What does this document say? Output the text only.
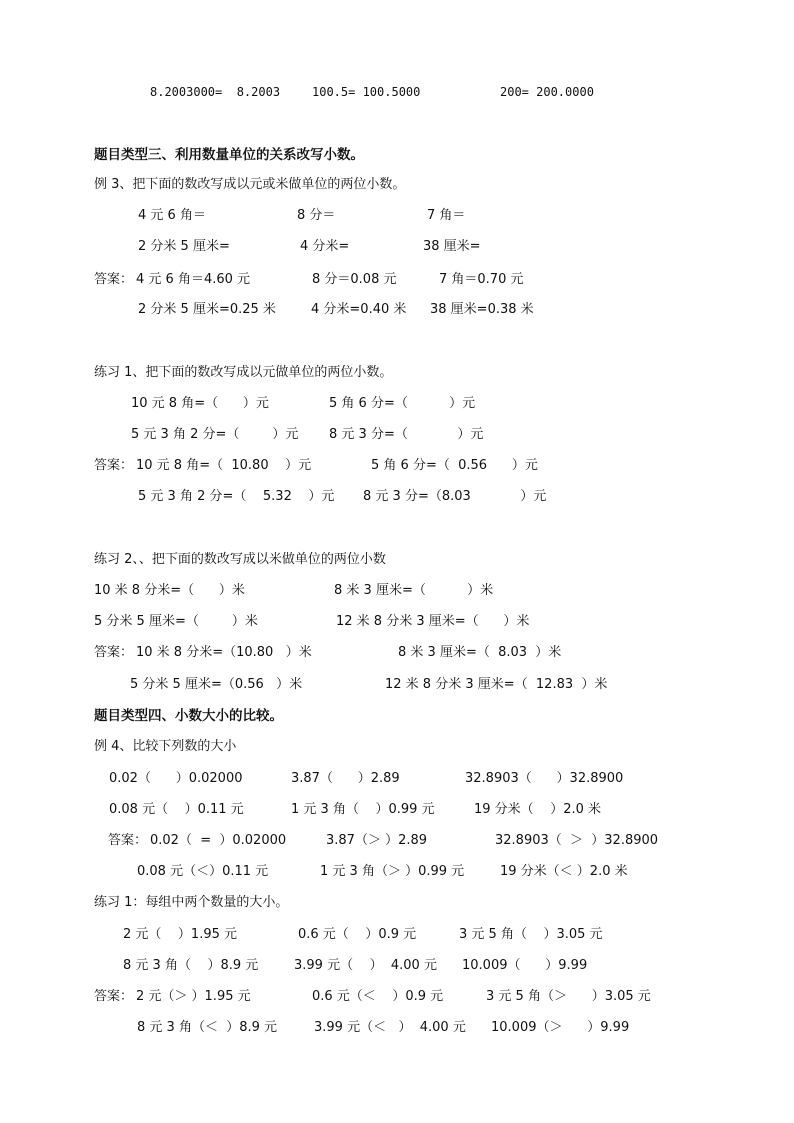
8.2003000=  8.2003	100.5= 100.5000	200= 200.0000
题目类型三、利用数量单位的关系改写小数。
例 3、把下面的数改写成以元或米做单位的两位小数。
4 元 6 角＝	8 分＝	7 角＝
2 分米 5 厘米=	4 分米=	38 厘米=
答案： 4 元 6 角＝4.60 元	8 分＝0.08 元	7 角＝0.70 元
2 分米 5 厘米=0.25 米	4 分米=0.40 米 38 厘米=0.38 米
练习 1、把下面的数改写成以元做单位的两位小数。
10 元 8 角=（      ）元	5 角 6 分=（          ）元
5 元 3 角 2 分=（        ）元 8 元 3 分=（            ）元
答案： 10 元 8 角=（  10.80    ）元	5 角 6 分=（  0.56      ）元
5 元 3 角 2 分=（    5.32    ）元 8 元 3 分=（8.03            ）元
练习 2、、把下面的数改写成以米做单位的两位小数
10 米 8 分米=（      ）米	8 米 3 厘米=（          ）米
5 分米 5 厘米=（        ）米	12 米 8 分米 3 厘米=（      ）米
答案： 10 米 8 分米=（10.80   ）米	8 米 3 厘米=（  8.03  ）米
5 分米 5 厘米=（0.56   ）米	12 米 8 分米 3 厘米=（  12.83  ）米
题目类型四、小数大小的比较。
例 4、比较下列数的大小
0.02（      ）0.02000	3.87（      ）2.89	32.8903（      ）32.8900
0.08 元（    ）0.11 元	1 元 3 角（    ）0.99 元	19 分米（    ）2.0 米
答案： 0.02（  =  ）0.02000	3.87（＞ ）2.89	32.8903（  ＞  ）32.8900
0.08 元（＜）0.11 元	1 元 3 角（＞ ）0.99 元	19 分米（＜ ）2.0 米
练习 1：每组中两个数量的大小。
2 元（    ）1.95 元	0.6 元（    ）0.9 元	3 元 5 角（    ）3.05 元
8 元 3 角（    ）8.9 元	3.99 元（    ）  4.00 元 10.009（      ）9.99
答案： 2 元（＞ ）1.95 元	0.6 元（＜    ）0.9 元	3 元 5 角（＞      ）3.05 元
8 元 3 角（＜  ）8.9 元	3.99 元（＜   ）  4.00 元 10.009（＞      ）9.99
